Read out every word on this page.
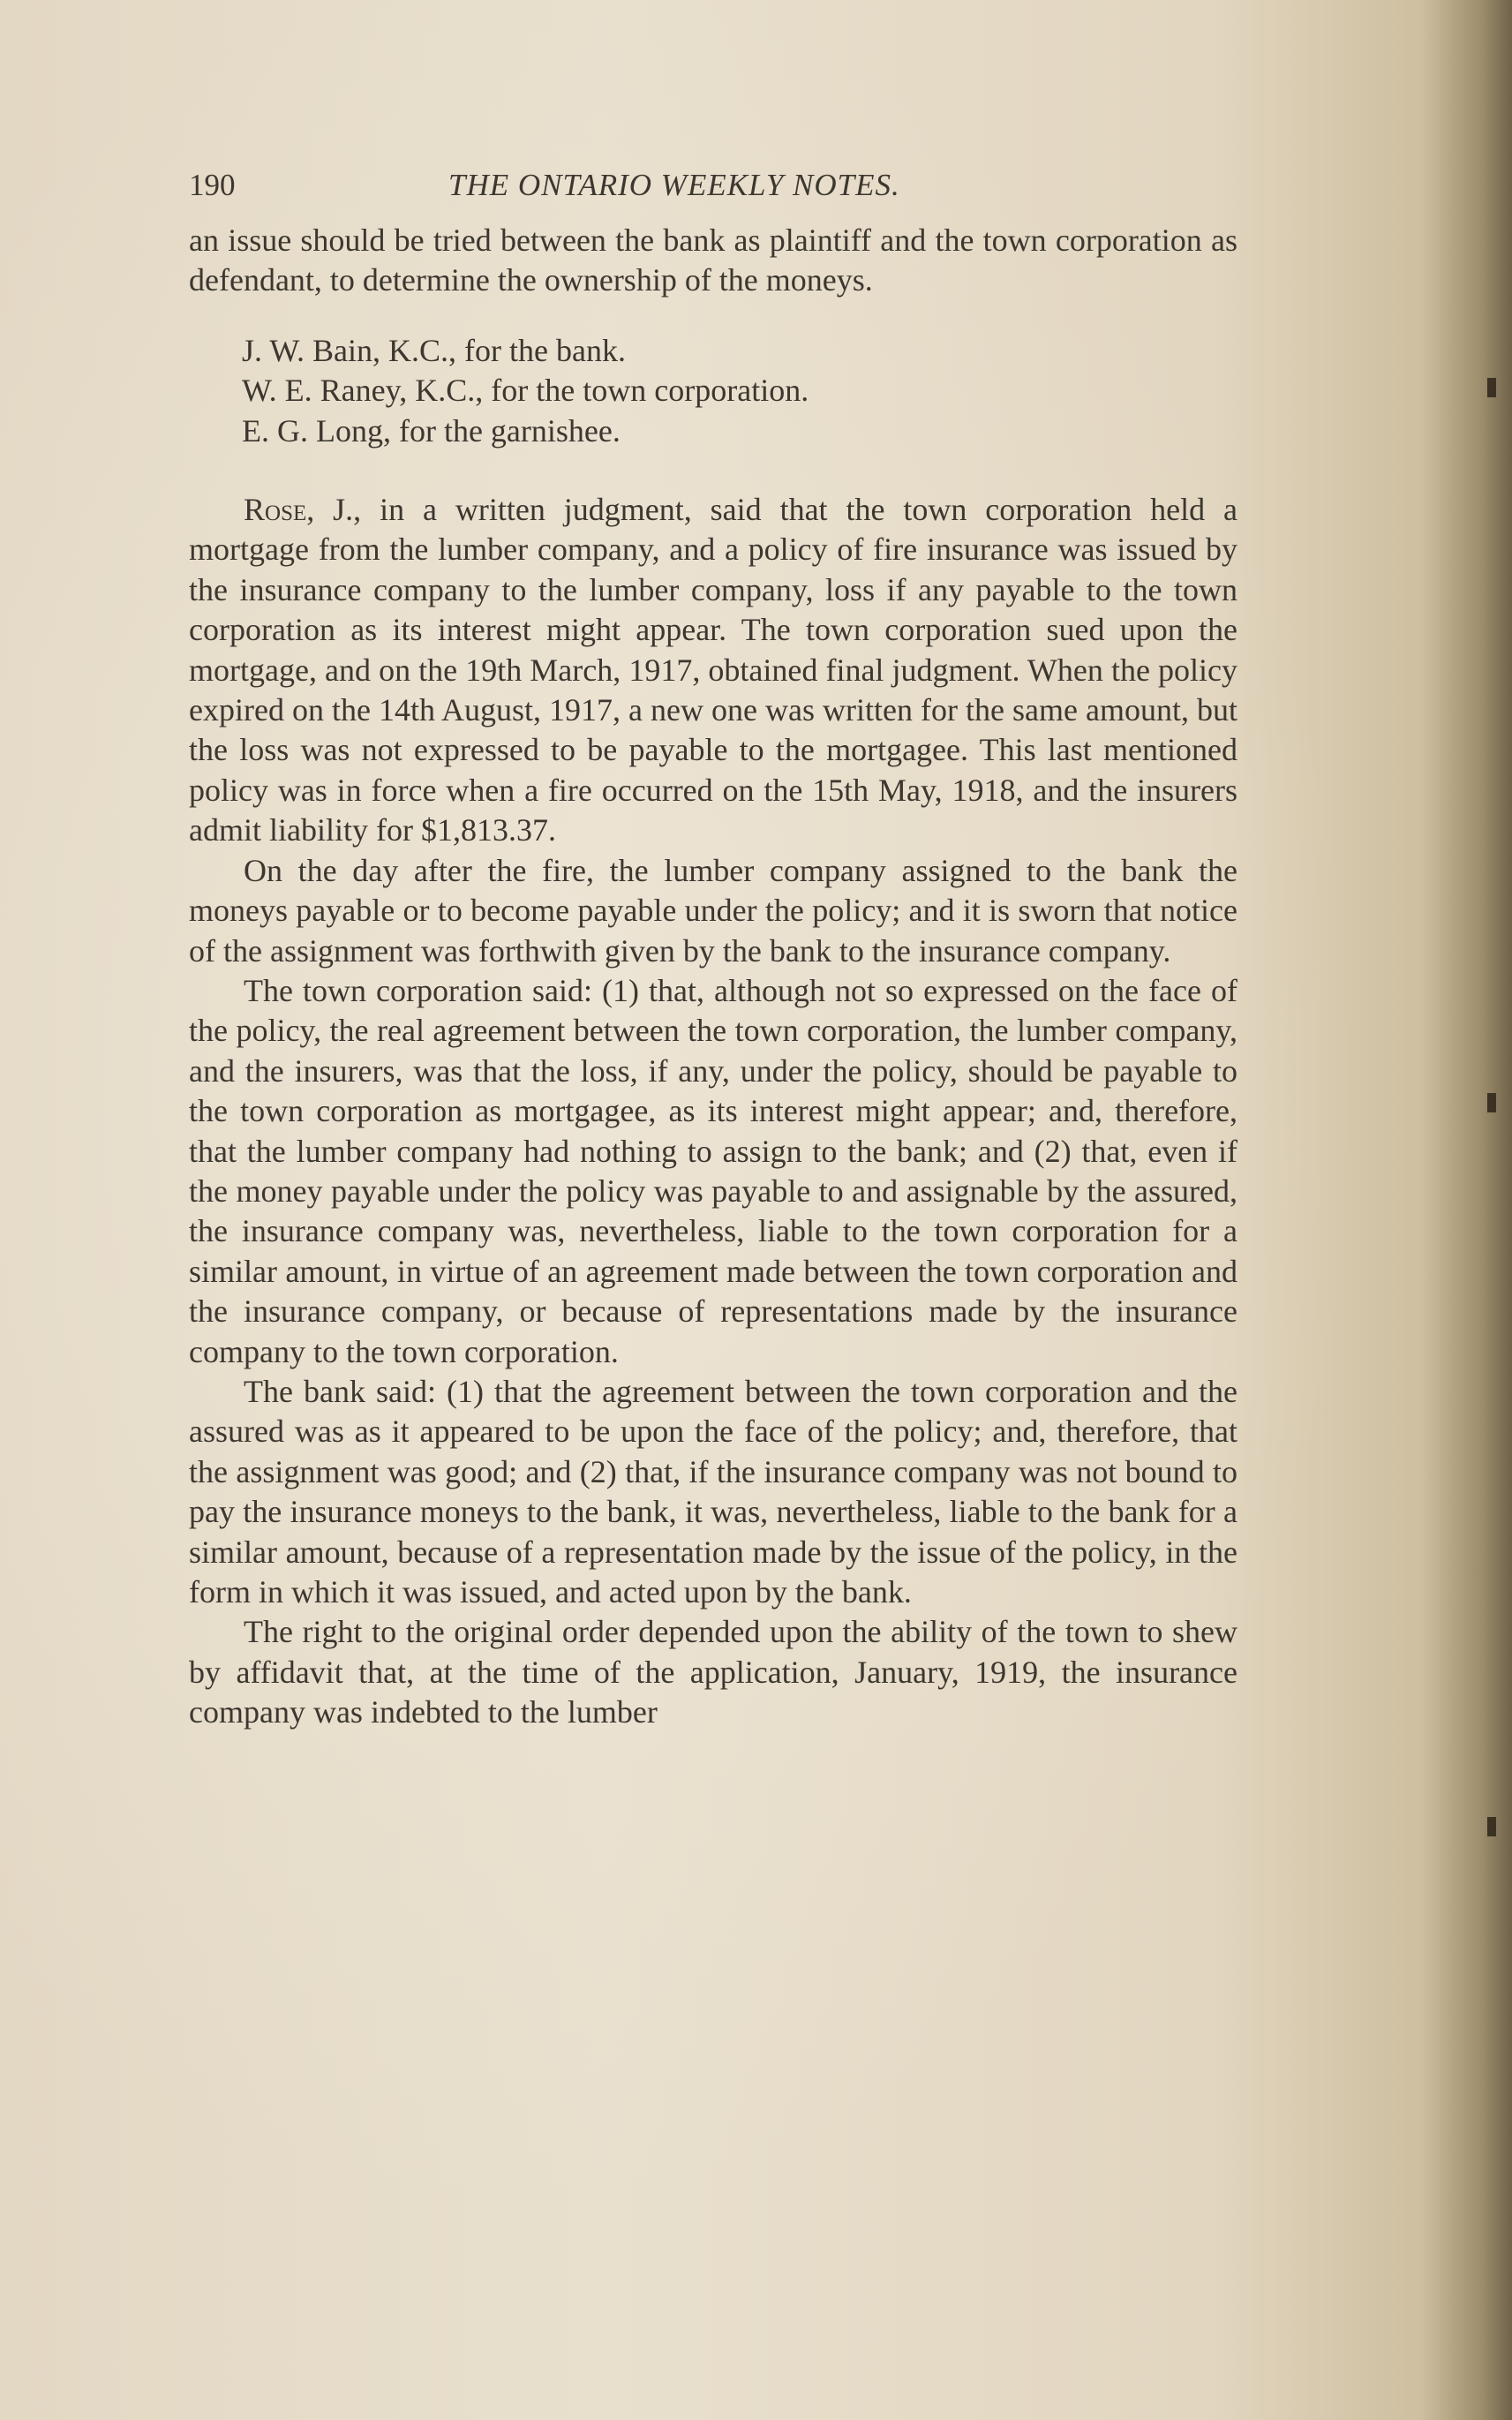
190	THE ONTARIO WEEKLY NOTES.

an issue should be tried between the bank as plaintiff and the town corporation as defendant, to determine the ownership of the moneys.

J. W. Bain, K.C., for the bank.
W. E. Raney, K.C., for the town corporation.
E. G. Long, for the garnishee.

Rose, J., in a written judgment, said that the town corporation held a mortgage from the lumber company, and a policy of fire insurance was issued by the insurance company to the lumber company, loss if any payable to the town corporation as its interest might appear. The town corporation sued upon the mortgage, and on the 19th March, 1917, obtained final judgment. When the policy expired on the 14th August, 1917, a new one was written for the same amount, but the loss was not expressed to be payable to the mortgagee. This last mentioned policy was in force when a fire occurred on the 15th May, 1918, and the insurers admit liability for $1,813.37.

On the day after the fire, the lumber company assigned to the bank the moneys payable or to become payable under the policy; and it is sworn that notice of the assignment was forthwith given by the bank to the insurance company.

The town corporation said: (1) that, although not so expressed on the face of the policy, the real agreement between the town corporation, the lumber company, and the insurers, was that the loss, if any, under the policy, should be payable to the town corporation as mortgagee, as its interest might appear; and, therefore, that the lumber company had nothing to assign to the bank; and (2) that, even if the money payable under the policy was payable to and assignable by the assured, the insurance company was, nevertheless, liable to the town corporation for a similar amount, in virtue of an agreement made between the town corporation and the insurance company, or because of representations made by the insurance company to the town corporation.

The bank said: (1) that the agreement between the town corporation and the assured was as it appeared to be upon the face of the policy; and, therefore, that the assignment was good; and (2) that, if the insurance company was not bound to pay the insurance moneys to the bank, it was, nevertheless, liable to the bank for a similar amount, because of a representation made by the issue of the policy, in the form in which it was issued, and acted upon by the bank.

The right to the original order depended upon the ability of the town to shew by affidavit that, at the time of the application, January, 1919, the insurance company was indebted to the lumber
